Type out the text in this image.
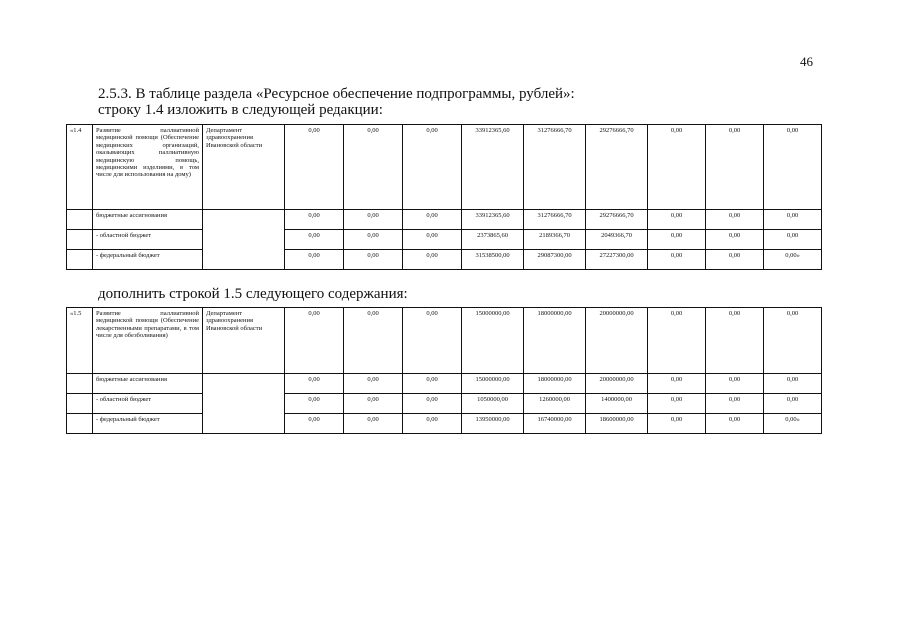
46
2.5.3. В таблице раздела «Ресурсное обеспечение подпрограммы, рублей»:
строку 1.4 изложить в следующей редакции:
дополнить строкой 1.5 следующего содержания:
«1.4	Развитие паллиативной медицинской помощи (Обеспечение медицинских организаций, оказывающих паллиативную медицинскую помощь, медицинскими изделиями, в том числе для использования на дому)	Департамент здравоохранения Ивановской области	0,00	0,00	0,00	33912365,60	31276666,70	29276666,70	0,00	0,00	0,00
	бюджетные ассигнования		0,00	0,00	0,00	33912365,60	31276666,70	29276666,70	0,00	0,00	0,00
	- областной бюджет		0,00	0,00	0,00	2373865,60	2189366,70	2049366,70	0,00	0,00	0,00
	- федеральный бюджет		0,00	0,00	0,00	31538500,00	29087300,00	27227300,00	0,00	0,00	0,00»
«1.5	Развитие паллиативной медицинской помощи (Обеспечение лекарственными препаратами, в том числе для обезболивания)	Департамент здравоохранения Ивановской области	0,00	0,00	0,00	15000000,00	18000000,00	20000000,00	0,00	0,00	0,00
	бюджетные ассигнования		0,00	0,00	0,00	15000000,00	18000000,00	20000000,00	0,00	0,00	0,00
	- областной бюджет		0,00	0,00	0,00	1050000,00	1260000,00	1400000,00	0,00	0,00	0,00
	- федеральный бюджет		0,00	0,00	0,00	13950000,00	16740000,00	18600000,00	0,00	0,00	0,00»
